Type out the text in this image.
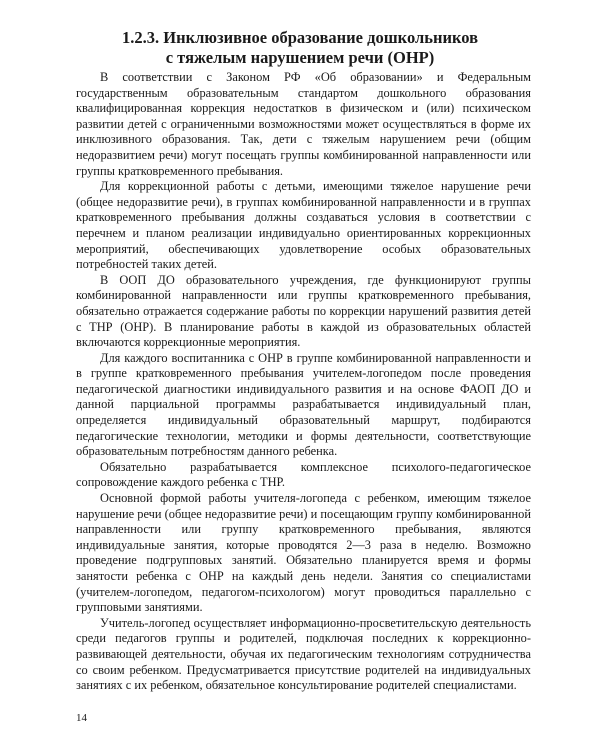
1.2.3. Инклюзивное образование дошкольников
с тяжелым нарушением речи (ОНР)

В соответствии с Законом РФ «Об образовании» и Федеральным государственным образовательным стандартом дошкольного образования квалифицированная коррекция недостатков в физическом и (или) психическом развитии детей с ограниченными возможностями может осуществляться в форме их инклюзивного образования. Так, дети с тяжелым нарушением речи (общим недоразвитием речи) могут посещать группы комбинированной направленности или группы кратковременного пребывания.

Для коррекционной работы с детьми, имеющими тяжелое нарушение речи (общее недоразвитие речи), в группах комбинированной направленности и в группах кратковременного пребывания должны создаваться условия в соответствии с перечнем и планом реализации индивидуально ориентированных коррекционных мероприятий, обеспечивающих удовлетворение особых образовательных потребностей таких детей.

В ООП ДО образовательного учреждения, где функционируют группы комбинированной направленности или группы кратковременного пребывания, обязательно отражается содержание работы по коррекции нарушений развития детей с ТНР (ОНР). В планирование работы в каждой из образовательных областей включаются коррекционные мероприятия.

Для каждого воспитанника с ОНР в группе комбинированной направленности и в группе кратковременного пребывания учителем-логопедом после проведения педагогической диагностики индивидуального развития и на основе ФАОП ДО и данной парциальной программы разрабатывается индивидуальный план, определяется индивидуальный образовательный маршрут, подбираются педагогические технологии, методики и формы деятельности, соответствующие образовательным потребностям данного ребенка.

Обязательно разрабатывается комплексное психолого-педагогическое сопровождение каждого ребенка с ТНР.

Основной формой работы учителя-логопеда с ребенком, имеющим тяжелое нарушение речи (общее недоразвитие речи) и посещающим группу комбинированной направленности или группу кратковременного пребывания, являются индивидуальные занятия, которые проводятся 2—3 раза в неделю. Возможно проведение подгрупповых занятий. Обязательно планируется время и формы занятости ребенка с ОНР на каждый день недели. Занятия со специалистами (учителем-логопедом, педагогом-психологом) могут проводиться параллельно с групповыми занятиями.

Учитель-логопед осуществляет информационно-просветительскую деятельность среди педагогов группы и родителей, подключая последних к коррекционно-развивающей деятельности, обучая их педагогическим технологиям сотрудничества со своим ребенком. Предусматривается присутствие родителей на индивидуальных занятиях с их ребенком, обязательное консультирование родителей специалистами.

14
